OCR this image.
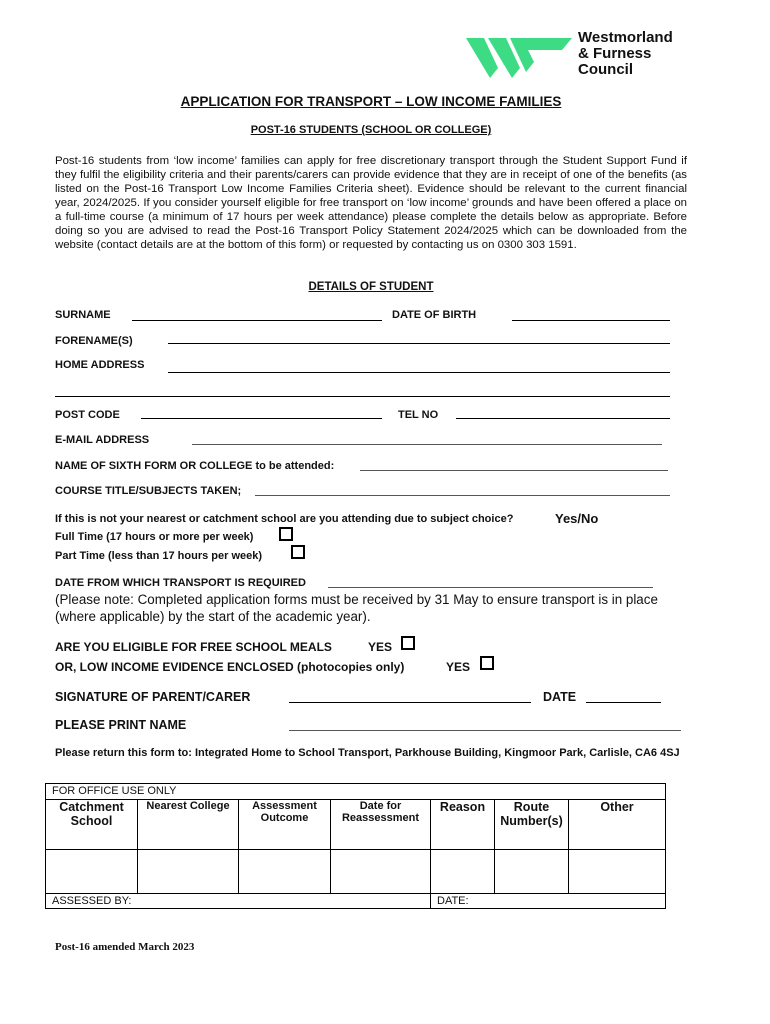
Westmorland
& Furness
Council
APPLICATION FOR TRANSPORT – LOW INCOME FAMILIES
POST-16 STUDENTS (SCHOOL OR COLLEGE)
Post-16 students from ‘low income’ families can apply for free discretionary transport through the Student Support Fund if they fulfil the eligibility criteria and their parents/carers can provide evidence that they are in receipt of one of the benefits (as listed on the Post-16 Transport Low Income Families Criteria sheet). Evidence should be relevant to the current financial year, 2024/2025. If you consider yourself eligible for free transport on ‘low income’ grounds and have been offered a place on a full-time course (a minimum of 17 hours per week attendance) please complete the details below as appropriate. Before doing so you are advised to read the Post-16 Transport Policy Statement 2024/2025 which can be downloaded from the website (contact details are at the bottom of this form) or requested by contacting us on 0300 303 1591.
DETAILS OF STUDENT
SURNAME	DATE OF BIRTH
FORENAME(S)
HOME ADDRESS
POST CODE	TEL NO
E-MAIL ADDRESS
NAME OF SIXTH FORM OR COLLEGE to be attended:
COURSE TITLE/SUBJECTS TAKEN;
If this is not your nearest or catchment school are you attending due to subject choice?	Yes/No
Full Time (17 hours or more per week)
Part Time (less than 17 hours per week)
DATE FROM WHICH TRANSPORT IS REQUIRED
(Please note: Completed application forms must be received by 31 May to ensure transport is in place (where applicable) by the start of the academic year).
ARE YOU ELIGIBLE FOR FREE SCHOOL MEALS	YES
OR, LOW INCOME EVIDENCE ENCLOSED (photocopies only)	YES
SIGNATURE OF PARENT/CARER	DATE
PLEASE PRINT NAME
Please return this form to: Integrated Home to School Transport, Parkhouse Building, Kingmoor Park, Carlisle, CA6 4SJ
FOR OFFICE USE ONLY						
Catchment School	Nearest College	Assessment Outcome	Date for Reassessment	Reason	Route Number(s)	Other

ASSESSED BY:				DATE:		
Post-16 amended March 2023
